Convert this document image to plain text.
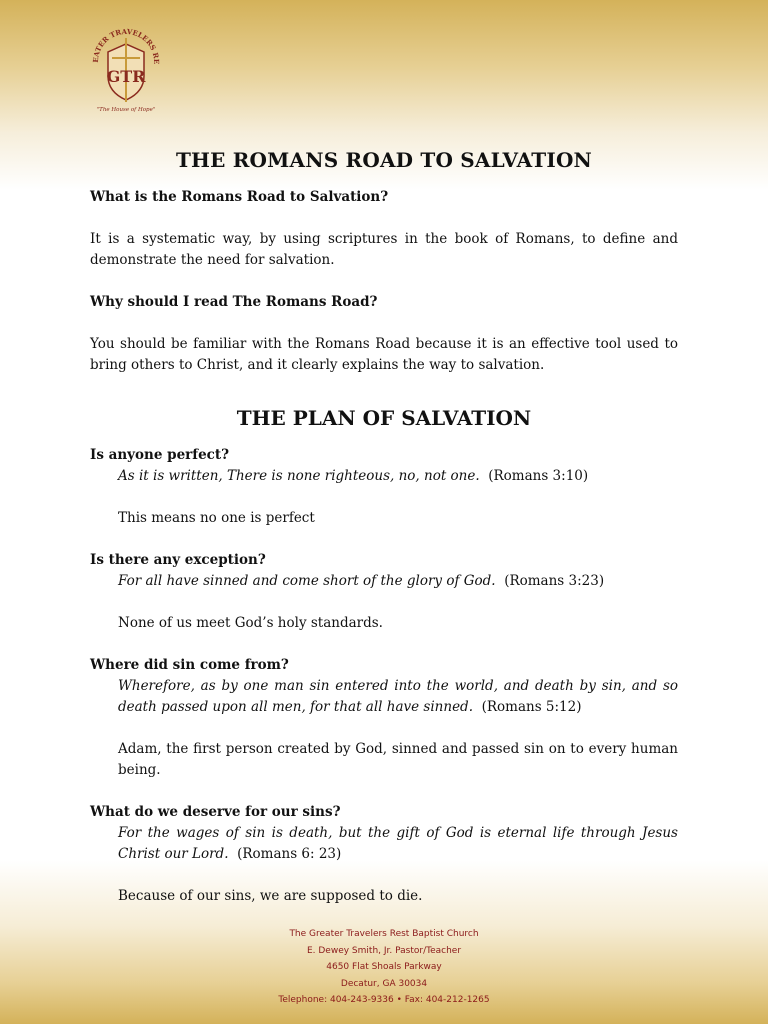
EATER TRAVELERS RE
GTR
"The House of Hope"
THE ROMANS ROAD TO SALVATION

What is the Romans Road to Salvation?

It is a systematic way, by using scriptures in the book of Romans, to define and demonstrate the need for salvation.

Why should I read The Romans Road?

You should be familiar with the Romans Road because it is an effective tool used to bring others to Christ, and it clearly explains the way to salvation.

THE PLAN OF SALVATION

Is anyone perfect?

As it is written, There is none righteous, no, not one. (Romans 3:10)

This means no one is perfect

Is there any exception?

For all have sinned and come short of the glory of God. (Romans 3:23)

None of us meet God’s holy standards.

Where did sin come from?

Wherefore, as by one man sin entered into the world, and death by sin, and so death passed upon all men, for that all have sinned. (Romans 5:12)

Adam, the first person created by God, sinned and passed sin on to every human being.

What do we deserve for our sins?

For the wages of sin is death, but the gift of God is eternal life through Jesus Christ our Lord. (Romans 6: 23)

Because of our sins, we are supposed to die.

The Greater Travelers Rest Baptist Church
E. Dewey Smith, Jr. Pastor/Teacher
4650 Flat Shoals Parkway
Decatur, GA 30034
Telephone: 404-243-9336 • Fax: 404-212-1265
